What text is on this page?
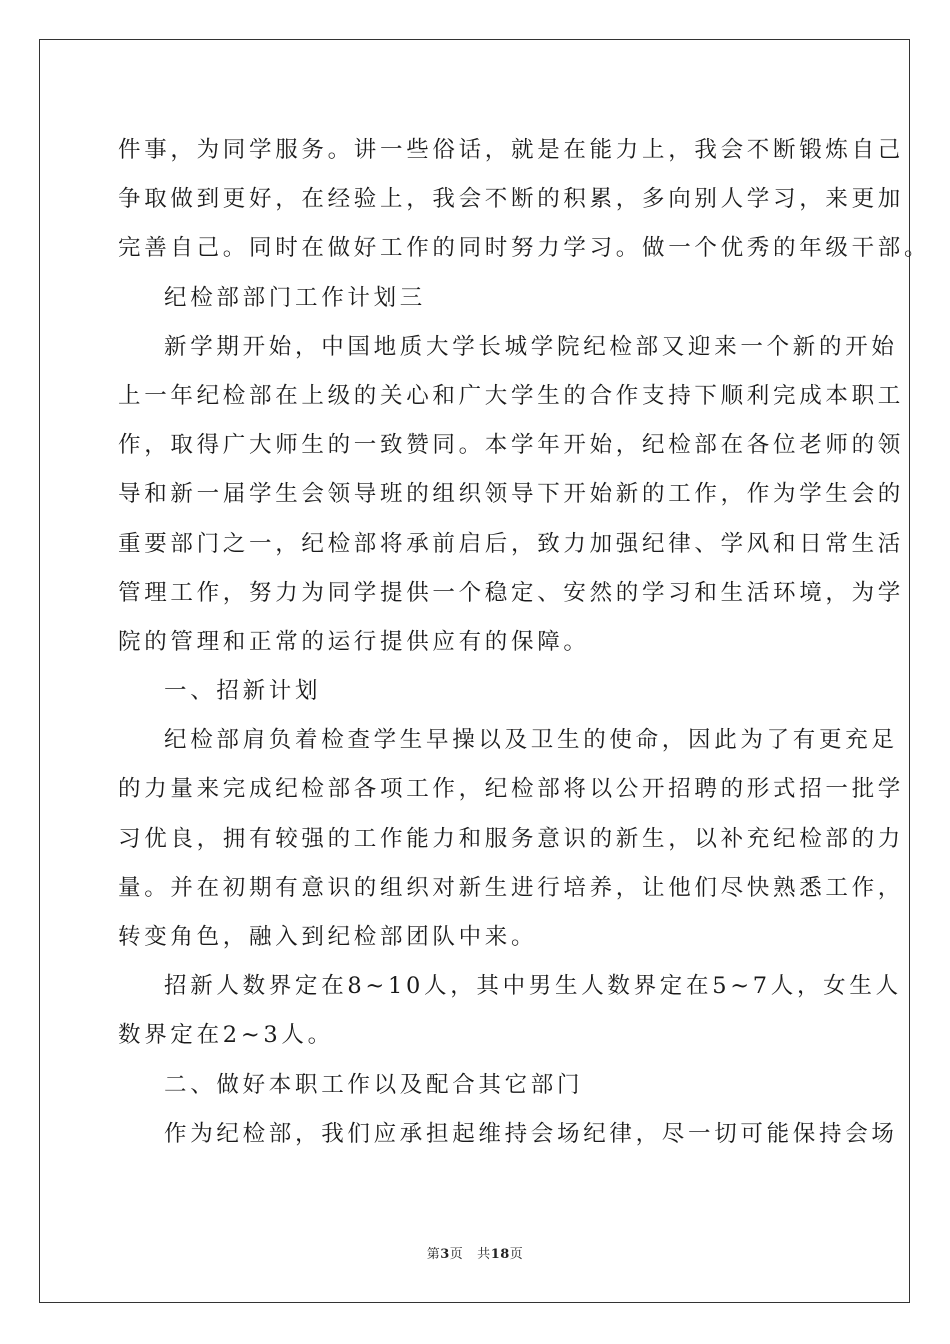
件事，为同学服务。讲一些俗话，就是在能力上，我会不断锻炼自己
争取做到更好，在经验上，我会不断的积累，多向别人学习，来更加
完善自己。同时在做好工作的同时努力学习。做一个优秀的年级干部。
纪检部部门工作计划三
新学期开始，中国地质大学长城学院纪检部又迎来一个新的开始
上一年纪检部在上级的关心和广大学生的合作支持下顺利完成本职工
作，取得广大师生的一致赞同。本学年开始，纪检部在各位老师的领
导和新一届学生会领导班的组织领导下开始新的工作，作为学生会的
重要部门之一，纪检部将承前启后，致力加强纪律、学风和日常生活
管理工作，努力为同学提供一个稳定、安然的学习和生活环境，为学
院的管理和正常的运行提供应有的保障。
一、招新计划
纪检部肩负着检查学生早操以及卫生的使命，因此为了有更充足
的力量来完成纪检部各项工作，纪检部将以公开招聘的形式招一批学
习优良，拥有较强的工作能力和服务意识的新生，以补充纪检部的力
量。并在初期有意识的组织对新生进行培养，让他们尽快熟悉工作，
转变角色，融入到纪检部团队中来。
招新人数界定在8~10人，其中男生人数界定在5~7人，女生人
数界定在2~3人。
二、做好本职工作以及配合其它部门
作为纪检部，我们应承担起维持会场纪律，尽一切可能保持会场
第3页 共18页
